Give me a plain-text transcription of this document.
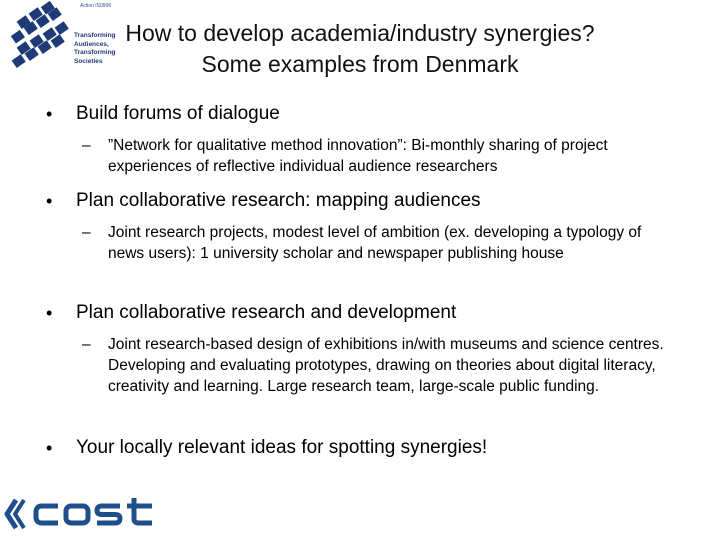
Action IS0906
Transforming
Audiences,
Transforming
Societies
How to develop academia/industry synergies?
Some examples from Denmark
• Build forums of dialogue
– ”Network for qualitative method innovation”: Bi-monthly sharing of project experiences of reflective individual audience researchers
• Plan collaborative research: mapping audiences
– Joint research projects, modest level of ambition (ex. developing a typology of news users): 1 university scholar and newspaper publishing house
• Plan collaborative research and development
– Joint research-based design of exhibitions in/with museums and science centres. Developing and evaluating prototypes, drawing on theories about digital literacy, creativity and learning. Large research team, large-scale public funding.
• Your locally relevant ideas for spotting synergies!
